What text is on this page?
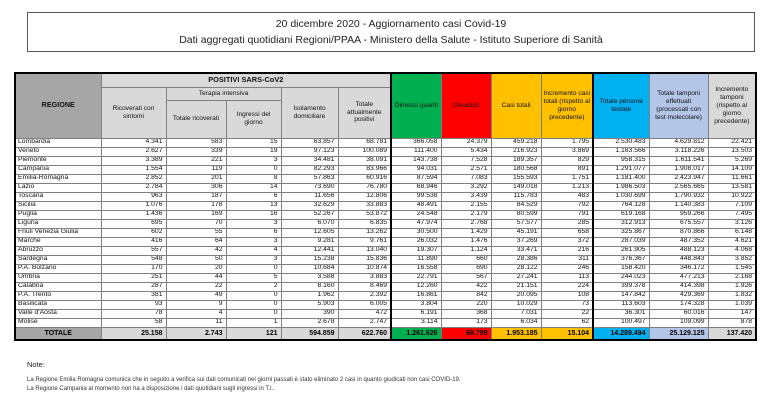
20 dicembre 2020 - Aggiornamento casi Covid-19
Dati aggregati quotidiani Regioni/PPAA - Ministero della Salute - Istituto Superiore di Sanità
REGIONE	POSITIVI SARS-CoV2					Dimessi guariti	Deceduti	Casi totali	Incremento casi totali (rispetto al giorno precedente)	Totale persone testate	Totale tamponi effettuati (processati con test molecolare)	Incremento tamponi (rispetto al giorno precedente)
	Ricoverati con sintomi	Terapia intensiva		Isolamento domiciliare	Totale attualmente positivi							
		Totale ricoverati	Ingressi del giorno									
Lombardia	4.341	583	15	63.857	68.781	366.058	24.379	459.218	1.795	2.530.483	4.629.812	22.421
Veneto	2.627	339	19	97.123	100.089	111.400	5.434	216.923	3.869	1.163.566	3.118.226	13.503
Piemonte	3.389	221	3	34.481	38.091	143.738	7.528	189.357	829	958.315	1.611.541	5.269
Campania	1.554	119	0	82.293	83.966	94.031	2.571	180.568	891	1.291.077	1.908.017	14.109
Emilia-Romagna	2.852	201	8	57.863	60.916	87.594	7.083	155.593	1.751	1.181.400	2.423.947	11.661
Lazio	2.784	306	14	73.690	76.780	68.946	3.292	149.018	1.213	1.986.503	2.565.665	13.581
Toscana	963	187	6	11.656	12.806	99.538	3.439	115.783	483	1.030.699	1.790.932	10.922
Sicilia	1.076	178	13	32.629	33.883	48.491	2.155	84.529	792	764.128	1.140.383	7.109
Puglia	1.436	169	16	52.267	53.872	24.548	2.179	80.599	791	619.168	959.266	7.495
Liguria	695	70	3	6.070	6.835	47.974	2.768	57.577	285	312.913	675.557	3.126
Friuli Venezia Giulia	602	55	6	12.605	13.262	30.500	1.429	45.191	658	325.867	870.866	6.148
Marche	416	64	3	9.281	9.761	26.032	1.476	37.269	372	287.039	487.352	4.621
Abruzzo	557	42	4	12.441	13.040	19.307	1.124	33.471	216	261.905	488.123	4.068
Sardegna	548	50	3	15.238	15.836	11.890	660	28.386	311	376.367	448.843	3.852
P.A. Bolzano	170	20	0	10.684	10.874	16.558	690	28.122	246	158.420	346.172	1.545
Umbria	251	44	5	3.588	3.883	22.791	567	27.241	113	244.023	477.213	2.168
Calabria	287	22	2	8.160	8.469	12.260	422	21.151	224	399.378	414.398	1.926
P.A. Trento	381	49	0	1.962	2.392	16.861	842	20.095	108	147.842	429.369	1.832
Basilicata	93	9	0	5.903	6.005	3.804	220	10.029	73	113.603	174.328	1.039
Valle d'Aosta	78	4	0	390	472	6.191	368	7.031	22	36.301	60.016	147
Molise	58	11	1	2.678	2.747	3.114	173	6.034	62	100.497	109.099	878
TOTALE	25.158	2.743	121	594.859	622.760	1.261.626	68.799	1.953.185	15.104	14.289.494	25.129.125	137.420
Note:
La Regione Emilia Romagna comunica che in seguito a verifica sui dati comunicati nei giorni passati è stato eliminato 2 casi in quanto giudicati non casi COVID-19.
La Regione Campania al momento non ha a disposizione i dati quotidiani sugli ingressi in T.I..
